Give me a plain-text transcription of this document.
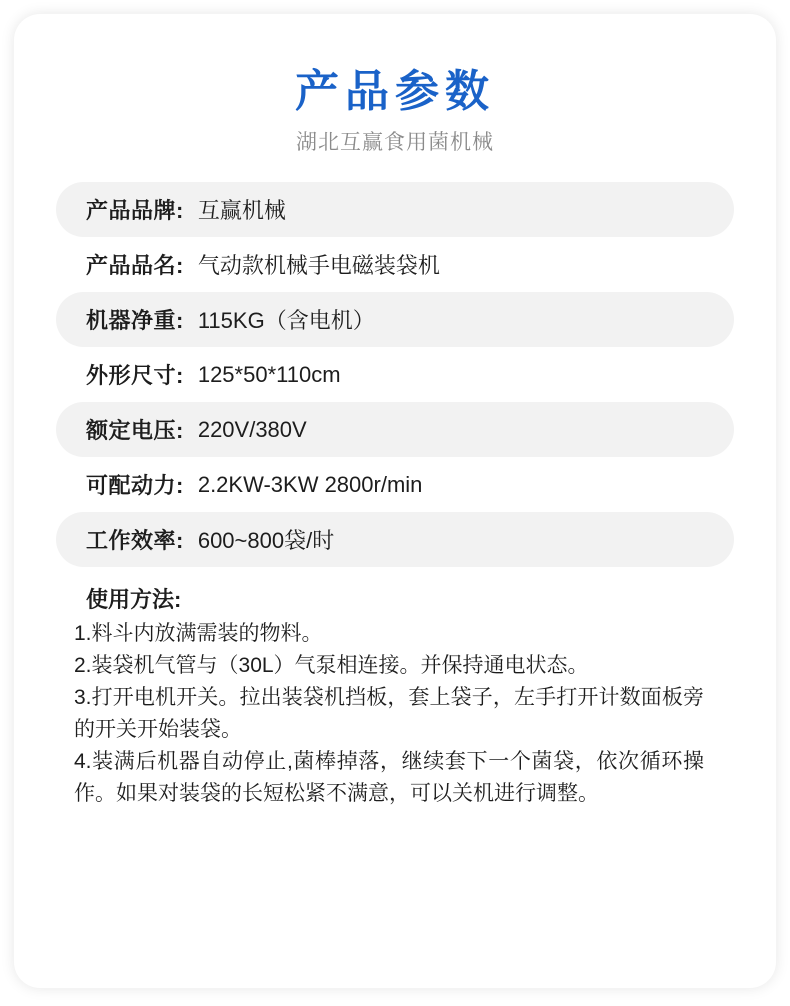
产品参数
湖北互赢食用菌机械
产品品牌: 互赢机械
产品品名: 气动款机械手电磁装袋机
机器净重: 115KG（含电机）
外形尺寸: 125*50*110cm
额定电压: 220V/380V
可配动力: 2.2KW-3KW 2800r/min
工作效率: 600~800袋/时
使用方法:
1.料斗内放满需装的物料。
2.装袋机气管与（30L）气泵相连接。并保持通电状态。
3.打开电机开关。拉出装袋机挡板，套上袋子，左手打开计数面板旁的开关开始装袋。
4.装满后机器自动停止,菌棒掉落，继续套下一个菌袋，依次循环操作。如果对装袋的长短松紧不满意，可以关机进行调整。
